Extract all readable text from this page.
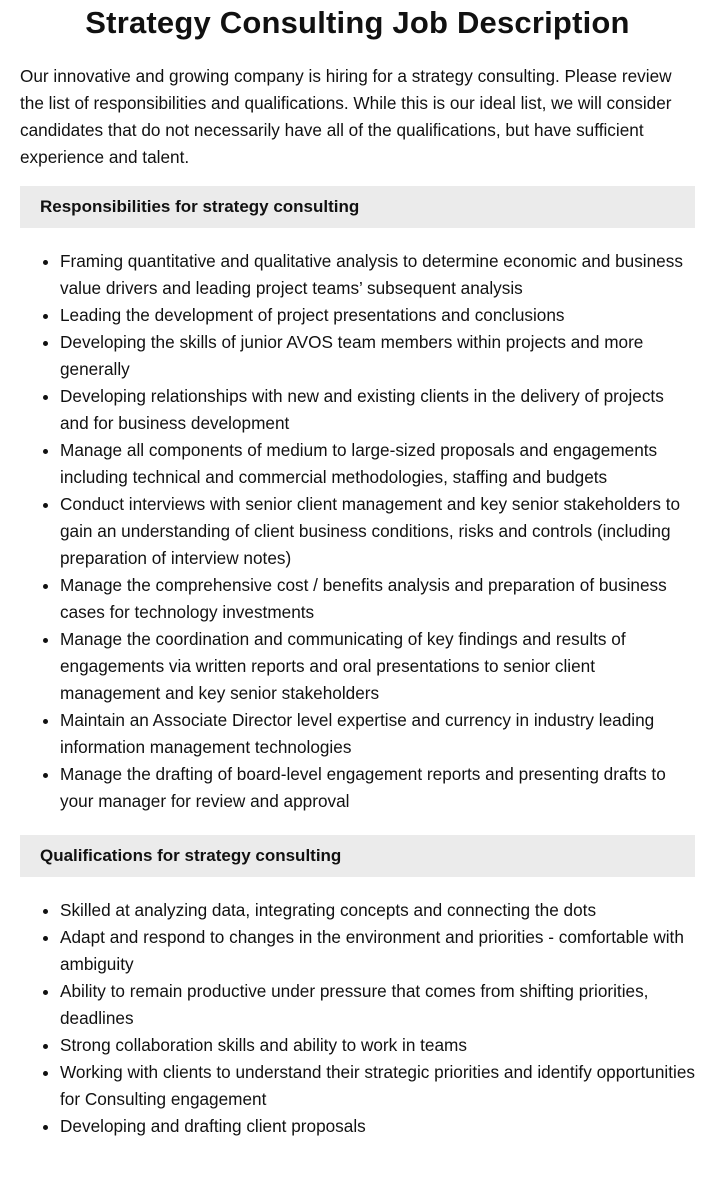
Strategy Consulting Job Description

Our innovative and growing company is hiring for a strategy consulting. Please review the list of responsibilities and qualifications. While this is our ideal list, we will consider candidates that do not necessarily have all of the qualifications, but have sufficient experience and talent.

Responsibilities for strategy consulting
• Framing quantitative and qualitative analysis to determine economic and business value drivers and leading project teams’ subsequent analysis
• Leading the development of project presentations and conclusions
• Developing the skills of junior AVOS team members within projects and more generally
• Developing relationships with new and existing clients in the delivery of projects and for business development
• Manage all components of medium to large-sized proposals and engagements including technical and commercial methodologies, staffing and budgets
• Conduct interviews with senior client management and key senior stakeholders to gain an understanding of client business conditions, risks and controls (including preparation of interview notes)
• Manage the comprehensive cost / benefits analysis and preparation of business cases for technology investments
• Manage the coordination and communicating of key findings and results of engagements via written reports and oral presentations to senior client management and key senior stakeholders
• Maintain an Associate Director level expertise and currency in industry leading information management technologies
• Manage the drafting of board-level engagement reports and presenting drafts to your manager for review and approval
Qualifications for strategy consulting
• Skilled at analyzing data, integrating concepts and connecting the dots
• Adapt and respond to changes in the environment and priorities - comfortable with ambiguity
• Ability to remain productive under pressure that comes from shifting priorities, deadlines
• Strong collaboration skills and ability to work in teams
• Working with clients to understand their strategic priorities and identify opportunities for Consulting engagement
• Developing and drafting client proposals
